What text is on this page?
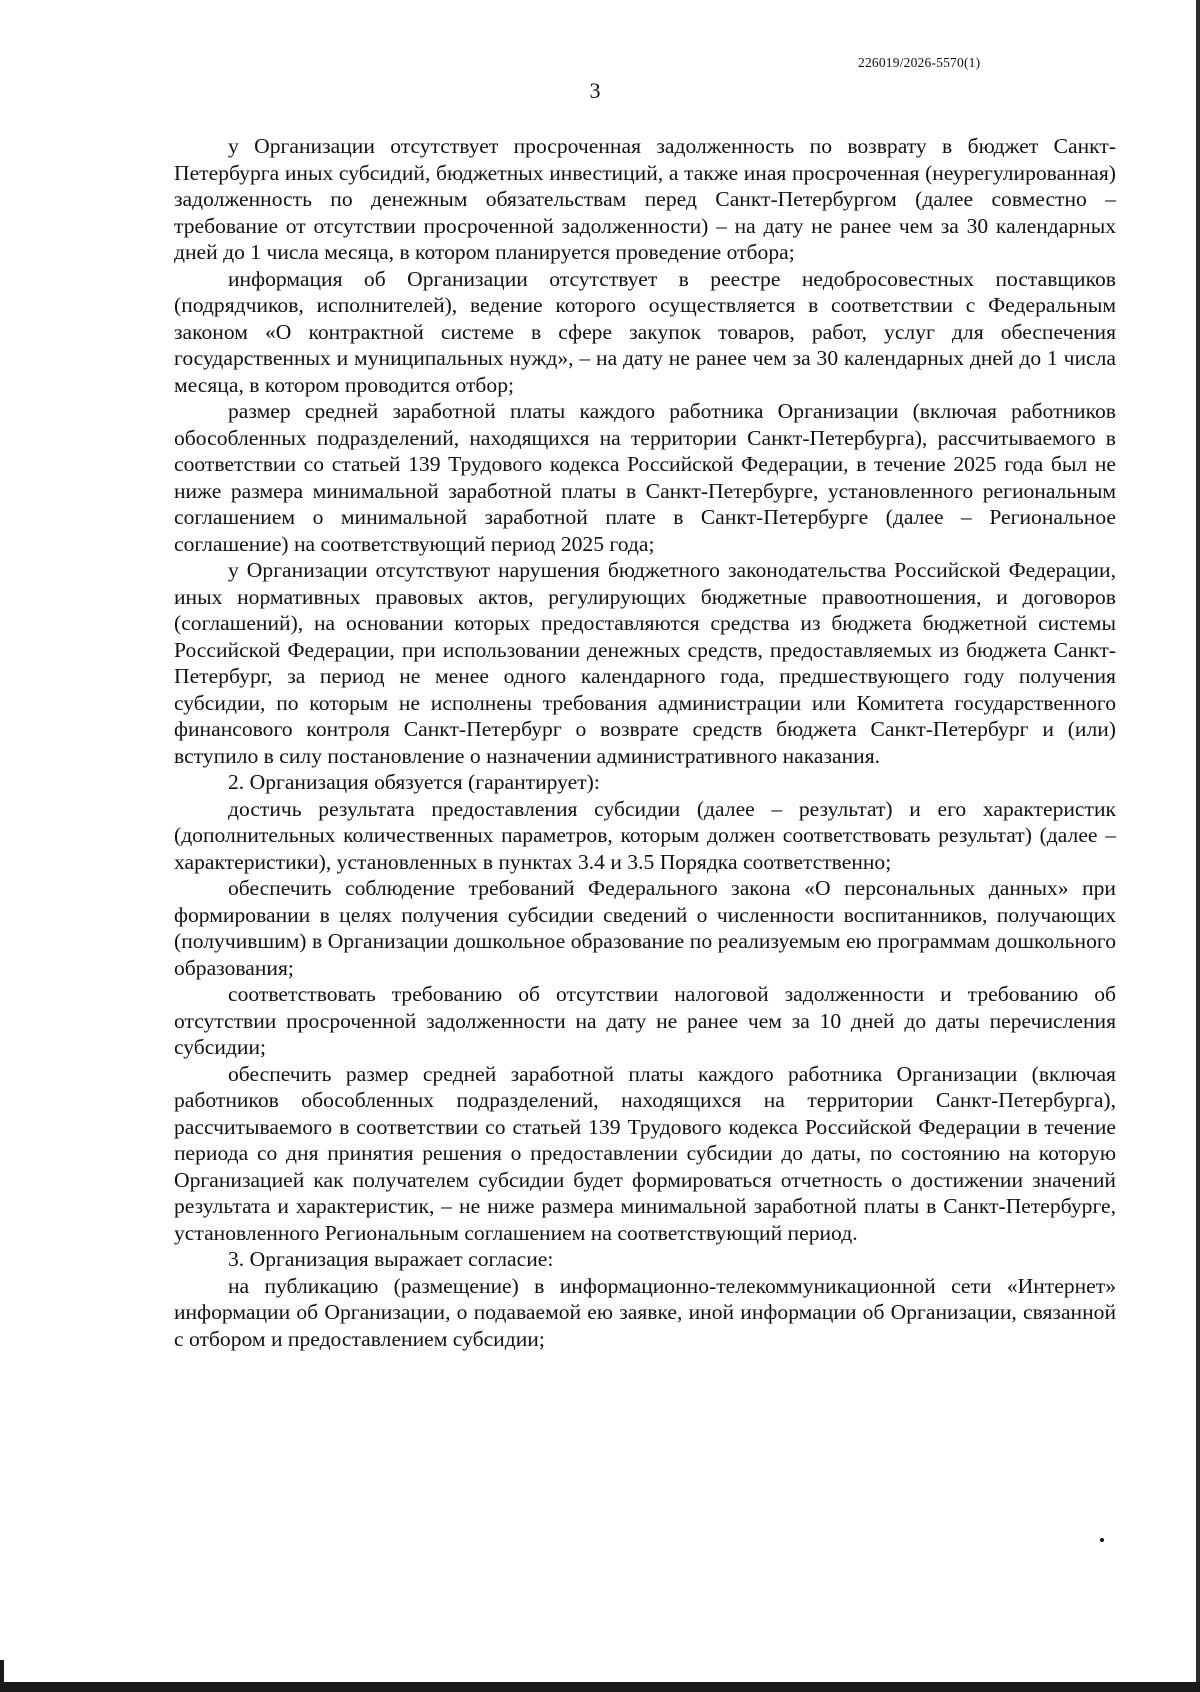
226019/2026-5570(1)
3

у Организации отсутствует просроченная задолженность по возврату в бюджет Санкт-Петербурга иных субсидий, бюджетных инвестиций, а также иная просроченная (неурегулированная) задолженность по денежным обязательствам перед Санкт-Петербургом (далее совместно – требование от отсутствии просроченной задолженности) – на дату не ранее чем за 30 календарных дней до 1 числа месяца, в котором планируется проведение отбора;

информация об Организации отсутствует в реестре недобросовестных поставщиков (подрядчиков, исполнителей), ведение которого осуществляется в соответствии с Федеральным законом «О контрактной системе в сфере закупок товаров, работ, услуг для обеспечения государственных и муниципальных нужд», – на дату не ранее чем за 30 календарных дней до 1 числа месяца, в котором проводится отбор;

размер средней заработной платы каждого работника Организации (включая работников обособленных подразделений, находящихся на территории Санкт-Петербурга), рассчитываемого в соответствии со статьей 139 Трудового кодекса Российской Федерации, в течение 2025 года был не ниже размера минимальной заработной платы в Санкт-Петербурге, установленного региональным соглашением о минимальной заработной плате в Санкт-Петербурге (далее – Региональное соглашение) на соответствующий период 2025 года;

у Организации отсутствуют нарушения бюджетного законодательства Российской Федерации, иных нормативных правовых актов, регулирующих бюджетные правоотношения, и договоров (соглашений), на основании которых предоставляются средства из бюджета бюджетной системы Российской Федерации, при использовании денежных средств, предоставляемых из бюджета Санкт-Петербург, за период не менее одного календарного года, предшествующего году получения субсидии, по которым не исполнены требования администрации или Комитета государственного финансового контроля Санкт-Петербург о возврате средств бюджета Санкт-Петербург и (или) вступило в силу постановление о назначении административного наказания.

2. Организация обязуется (гарантирует):

достичь результата предоставления субсидии (далее – результат) и его характеристик (дополнительных количественных параметров, которым должен соответствовать результат) (далее – характеристики), установленных в пунктах 3.4 и 3.5 Порядка соответственно;

обеспечить соблюдение требований Федерального закона «О персональных данных» при формировании в целях получения субсидии сведений о численности воспитанников, получающих (получившим) в Организации дошкольное образование по реализуемым ею программам дошкольного образования;

соответствовать требованию об отсутствии налоговой задолженности и требованию об отсутствии просроченной задолженности на дату не ранее чем за 10 дней до даты перечисления субсидии;

обеспечить размер средней заработной платы каждого работника Организации (включая работников обособленных подразделений, находящихся на территории Санкт-Петербурга), рассчитываемого в соответствии со статьей 139 Трудового кодекса Российской Федерации в течение периода со дня принятия решения о предоставлении субсидии до даты, по состоянию на которую Организацией как получателем субсидии будет формироваться отчетность о достижении значений результата и характеристик, – не ниже размера минимальной заработной платы в Санкт-Петербурге, установленного Региональным соглашением на соответствующий период.

3. Организация выражает согласие:

на публикацию (размещение) в информационно-телекоммуникационной сети «Интернет» информации об Организации, о подаваемой ею заявке, иной информации об Организации, связанной с отбором и предоставлением субсидии;
